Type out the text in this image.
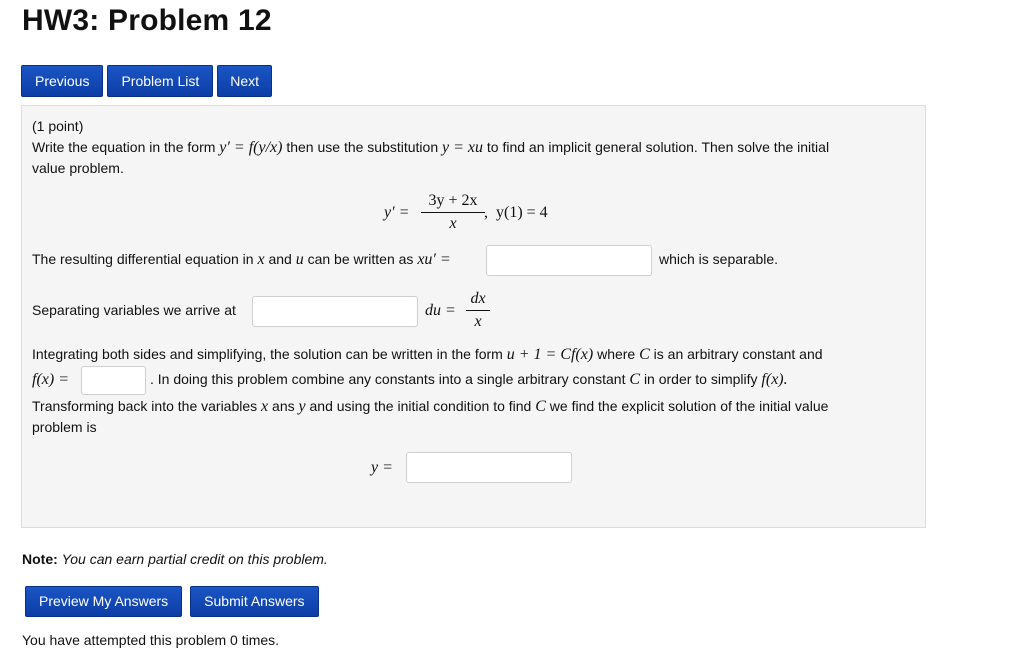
HW3: Problem 12
Previous	Problem List	Next
(1 point)
Write the equation in the form y′ = f(y/x) then use the substitution y = xu to find an implicit general solution. Then solve the initial
value problem.
y′ =
3y + 2x
x
,  y(1) = 4
The resulting differential equation in x and u can be written as xu′ =	which is separable.
Separating variables we arrive at	du =
dx
x
Integrating both sides and simplifying, the solution can be written in the form u + 1 = Cf(x) where C is an arbitrary constant and
f(x) =	. In doing this problem combine any constants into a single arbitrary constant C in order to simplify f(x).
Transforming back into the variables x ans y and using the initial condition to find C we find the explicit solution of the initial value
problem is
y =
Note: You can earn partial credit on this problem.
Preview My Answers	Submit Answers
You have attempted this problem 0 times.
